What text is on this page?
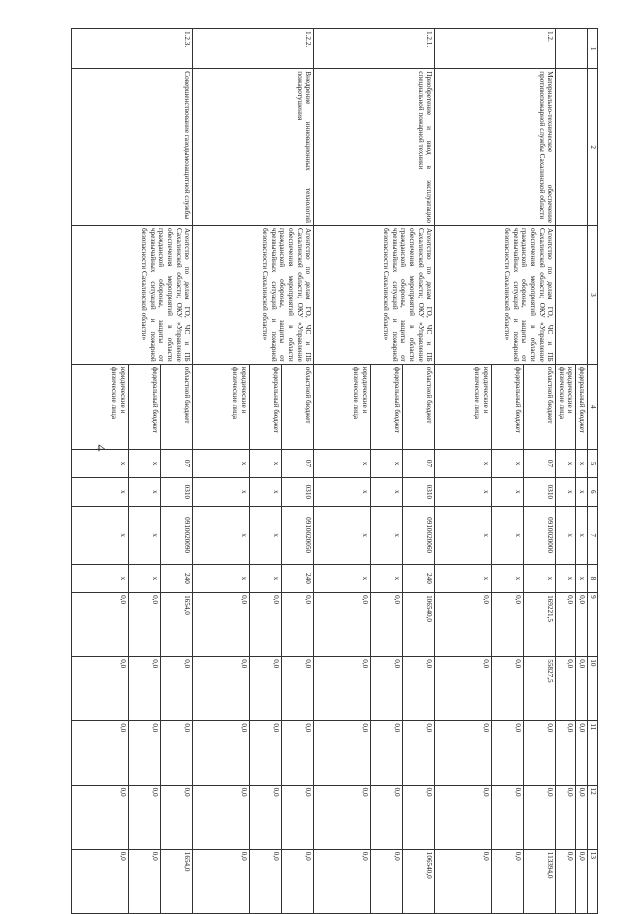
4
1	2	3	4	5	6	7	8	9	10	11	12	13
			федеральный бюджет	х	х	х	х	0,0	0,0	0,0	0,0	0,0
			юридические и физические лица	х	х	х	х	0,0	0,0	0,0	0,0	0,0
1.2.	Материально-техническое обеспечение противопожарной службы Сахалинской области	Агентство по делам ГО, ЧС и ПБ Сахалинской области; ОКУ «Управление обеспечения мероприятий в области гражданской обороны, защиты от чрезвычайных ситуаций и пожарной безопасности Сахалинской области»	областной бюджет	07	0310	0910020000	х	169221,5	55827,5	0,0	0,0	113394,0
			федеральный бюджет	х	х	х	х	0,0	0,0	0,0	0,0	0,0
			юридические и физические лица	х	х	х	х	0,0	0,0	0,0	0,0	0,0
1.2.1.	Приобретение и ввод в эксплуатацию специальной пожарной техники	Агентство по делам ГО, ЧС и ПБ Сахалинской области; ОКУ «Управление обеспечения мероприятий в области гражданской обороны, защиты от чрезвычайных ситуаций и пожарной безопасности Сахалинской области»	областной бюджет	07	0310	0910020060	240	106540,0	0,0	0,0	0,0	106540,0
			федеральный бюджет	х	х	х	х	0,0	0,0	0,0	0,0	0,0
			юридические и физические лица	х	х	х	х	0,0	0,0	0,0	0,0	0,0
1.2.2.	Внедрение инновационных технологий пожаротушения	Агентство по делам ГО, ЧС и ПБ Сахалинской области; ОКУ «Управление обеспечения мероприятий в области гражданской обороны, защиты от чрезвычайных ситуаций и пожарной безопасности Сахалинской области»	областной бюджет	07	0310	0910020050	240	0,0	0,0	0,0	0,0	0,0
			федеральный бюджет	х	х	х	х	0,0	0,0	0,0	0,0	0,0
			юридические и физические лица	х	х	х	х	0,0	0,0	0,0	0,0	0,0
1.2.3.	Совершенствование газодымозащитной службы	Агентство по делам ГО, ЧС и ПБ Сахалинской области; ОКУ «Управление обеспечения мероприятий в области гражданской обороны, защиты от чрезвычайных ситуаций и пожарной безопасности Сахалинской области»	областной бюджет	07	0310	0910020090	240	1654,0	0,0	0,0	0,0	1654,0
			федеральный бюджет	х	х	х	х	0,0	0,0	0,0	0,0	0,0
			юридические и физические лица	х	х	х	х	0,0	0,0	0,0	0,0	0,0
